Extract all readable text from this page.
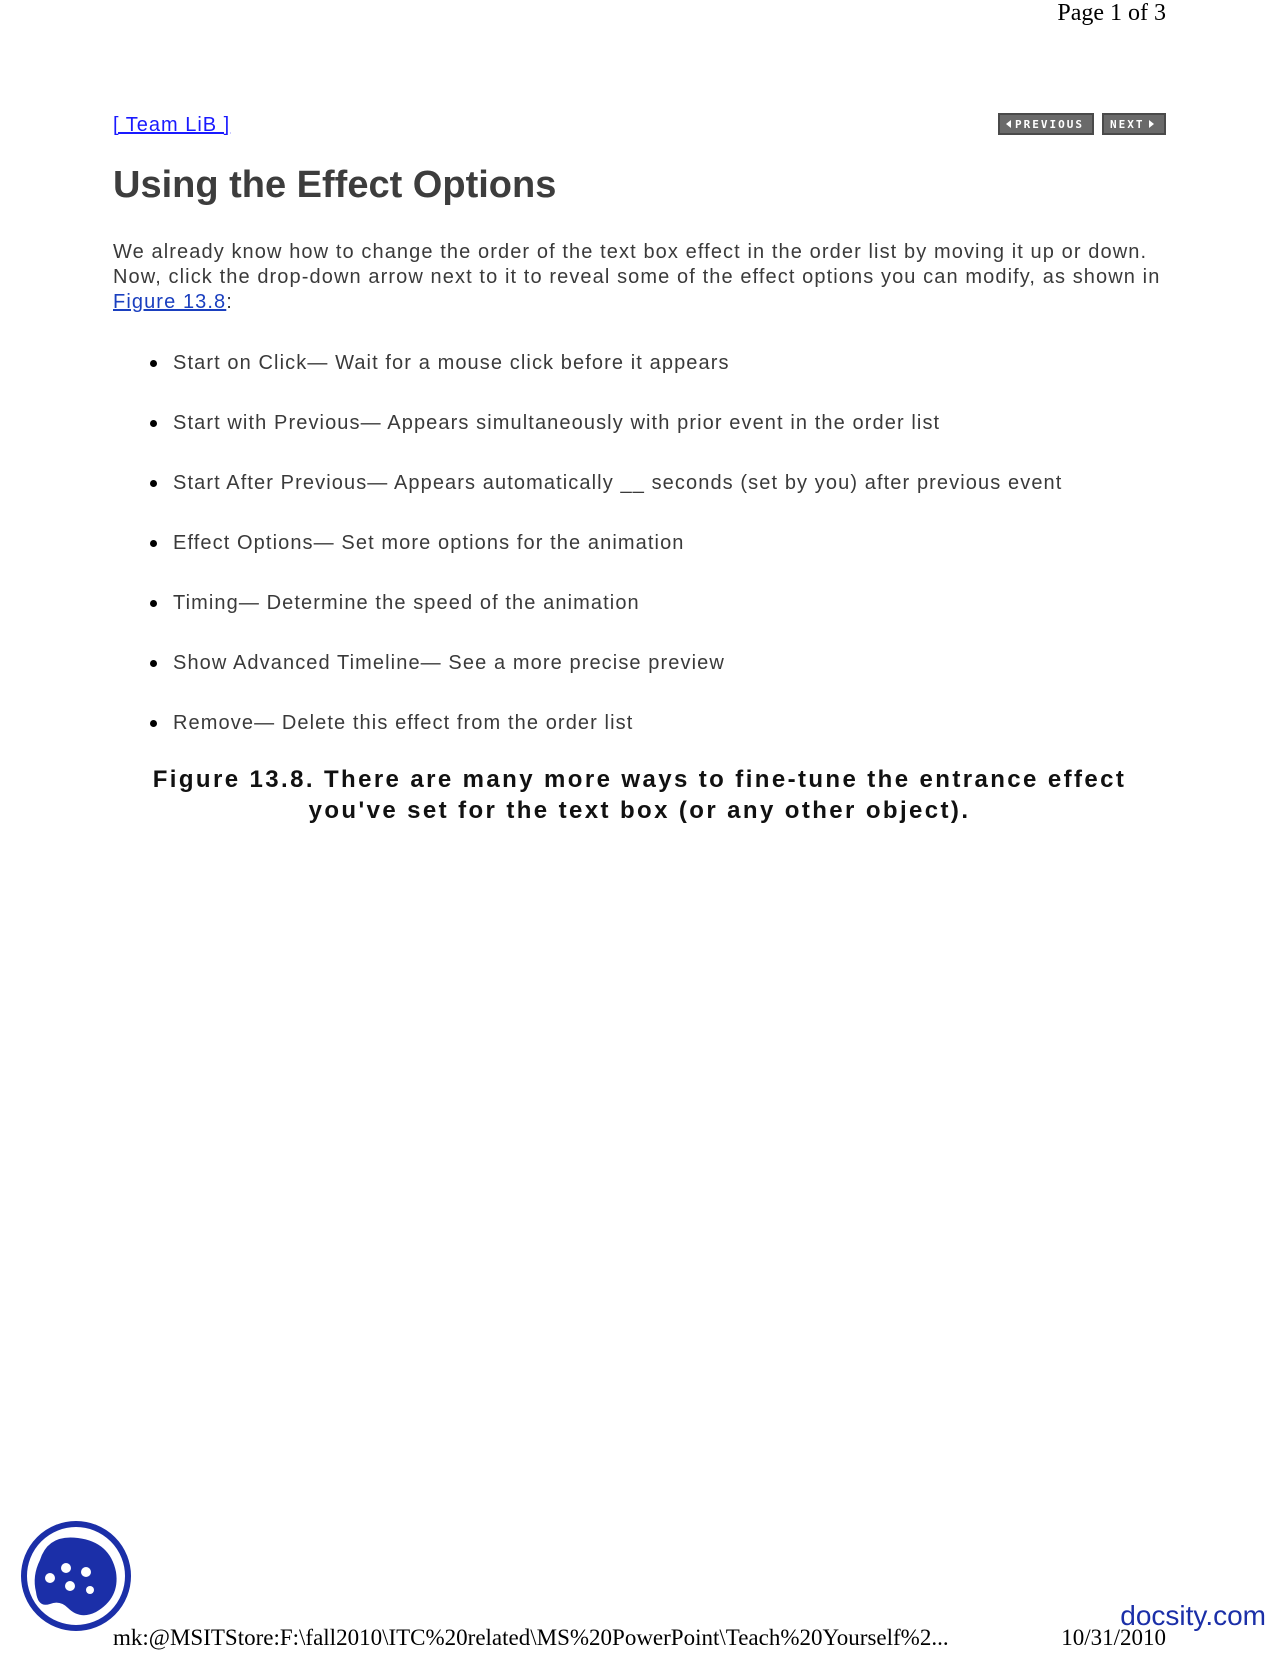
Page 1 of 3
[ Team LiB ]	PREVIOUS NEXT
Using the Effect Options

We already know how to change the order of the text box effect in the order list by moving it up or down. Now, click the drop-down arrow next to it to reveal some of the effect options you can modify, as shown in Figure 13.8:

Start on Click— Wait for a mouse click before it appears
Start with Previous— Appears simultaneously with prior event in the order list
Start After Previous— Appears automatically __ seconds (set by you) after previous event
Effect Options— Set more options for the animation
Timing— Determine the speed of the animation
Show Advanced Timeline— See a more precise preview
Remove— Delete this effect from the order list

Figure 13.8. There are many more ways to fine-tune the entrance effect you've set for the text box (or any other object).

docsity.com
mk:@MSITStore:F:\fall2010\ITC%20related\MS%20PowerPoint\Teach%20Yourself%2...	10/31/2010
